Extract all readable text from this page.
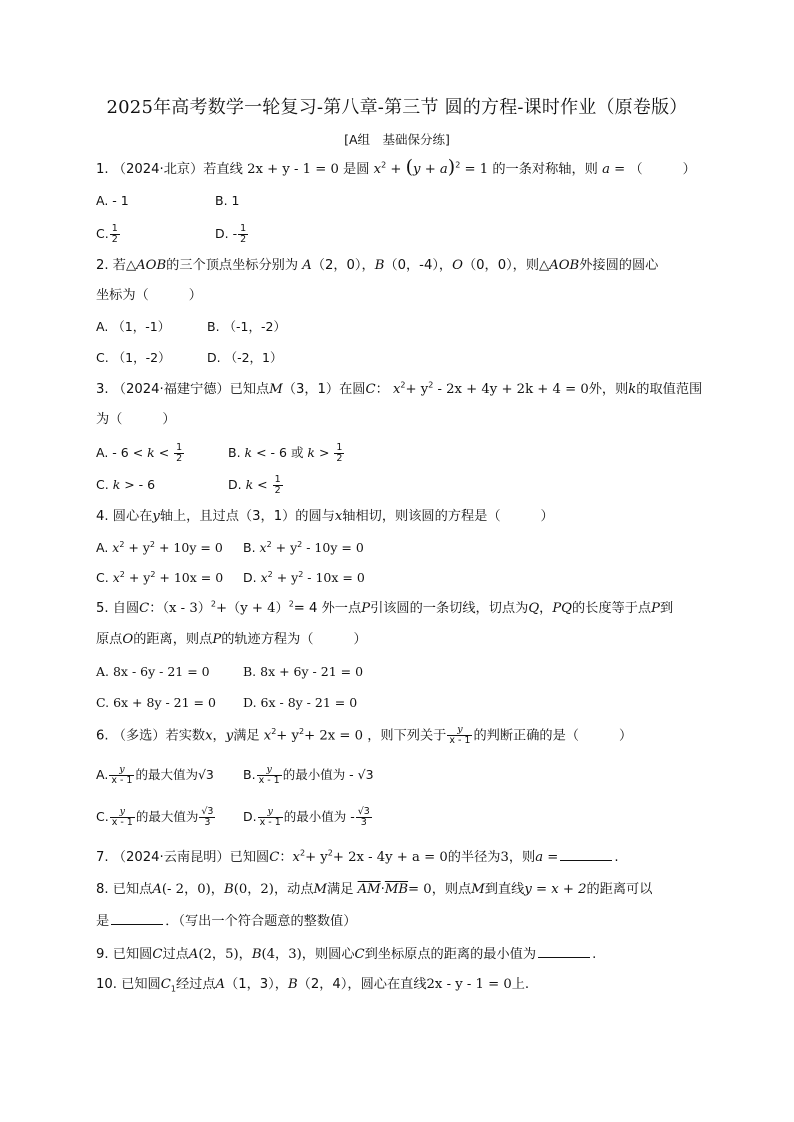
2025年高考数学一轮复习-第八章-第三节 圆的方程-课时作业（原卷版）
[A组　基础保分练]
1. （2024·北京）若直线 2x + y - 1 = 0 是圆 $x^2 + (y + a)^2 = 1$ 的一条对称轴，则 a = （	）
A. - 1	B. 1
C. $\frac{1}{2}$	D. - $\frac{1}{2}$
2. 若△AOB的三个顶点坐标分别为 A（2，0），B（0，-4），O（0，0），则△AOB外接圆的圆心
坐标为（	）
A. （1，-1）	B. （-1，-2）
C. （1，-2）	D. （-2，1）
3. （2024·福建宁德）已知点M（3，1）在圆C： $x^2+ y^2 - 2x + 4y + 2k + 4 = 0$外，则k的取值范围
为（	）
A. - $6 < k < \frac{1}{2}$	B. k < - 6 或 $k > \frac{1}{2}$
C. k > - 6	D. $k < \frac{1}{2}$
4. 圆心在y轴上，且过点（3，1）的圆与x轴相切，则该圆的方程是（	）
A. $x^2 + y^2 + 10y = 0$ B. $x^2 + y^2 - 10y = 0$
C. $x^2 + y^2 + 10x = 0$ D. $x^2 + y^2 - 10x = 0$
5. 自圆C：$(x - 3)^2+(y + 4)^2= 4$ 外一点P引该圆的一条切线，切点为Q，PQ的长度等于点P到
原点O的距离，则点P的轨迹方程为（	）
A. 8x - 6y - 21 = 0	B. 8x + 6y - 21 = 0
C. 6x + 8y - 21 = 0 D. 6x - 8y - 21 = 0
6. （多选）若实数x，y满足 $x^2+ y^2+ 2x = 0$ ，则下列关于 $\frac{y}{x - 1}$ 的判断正确的是（	）
A. $\frac{y}{x - 1}$ 的最大值为√3 B. $\frac{y}{x - 1}$ 的最小值为 - √3
C. $\frac{y}{x - 1}$ 的最大值为 $\frac{√3}{3} D$. $\frac{y}{x - 1}$ 的最小值为 - $\frac{√3}{3}$
7. （2024·云南昆明）已知圆C：$x^2+ y^2+ 2x - 4y + a = 0$的半径为3，则a =	.
8. 已知点A(- 2，0)，B(0，2)，动点M满足 $\overline{AM}\cdot\overline{MB}= 0$，则点M到直线y = x + 2的距离可以
是	．（写出一个符合题意的整数值）
9. 已知圆C过点A(2，5)，B(4，3)，则圆心C到坐标原点的距离的最小值为	.
10. 已知圆$C_1$经过点A（1，3），B（2，4），圆心在直线2x - y - 1 = 0上.
